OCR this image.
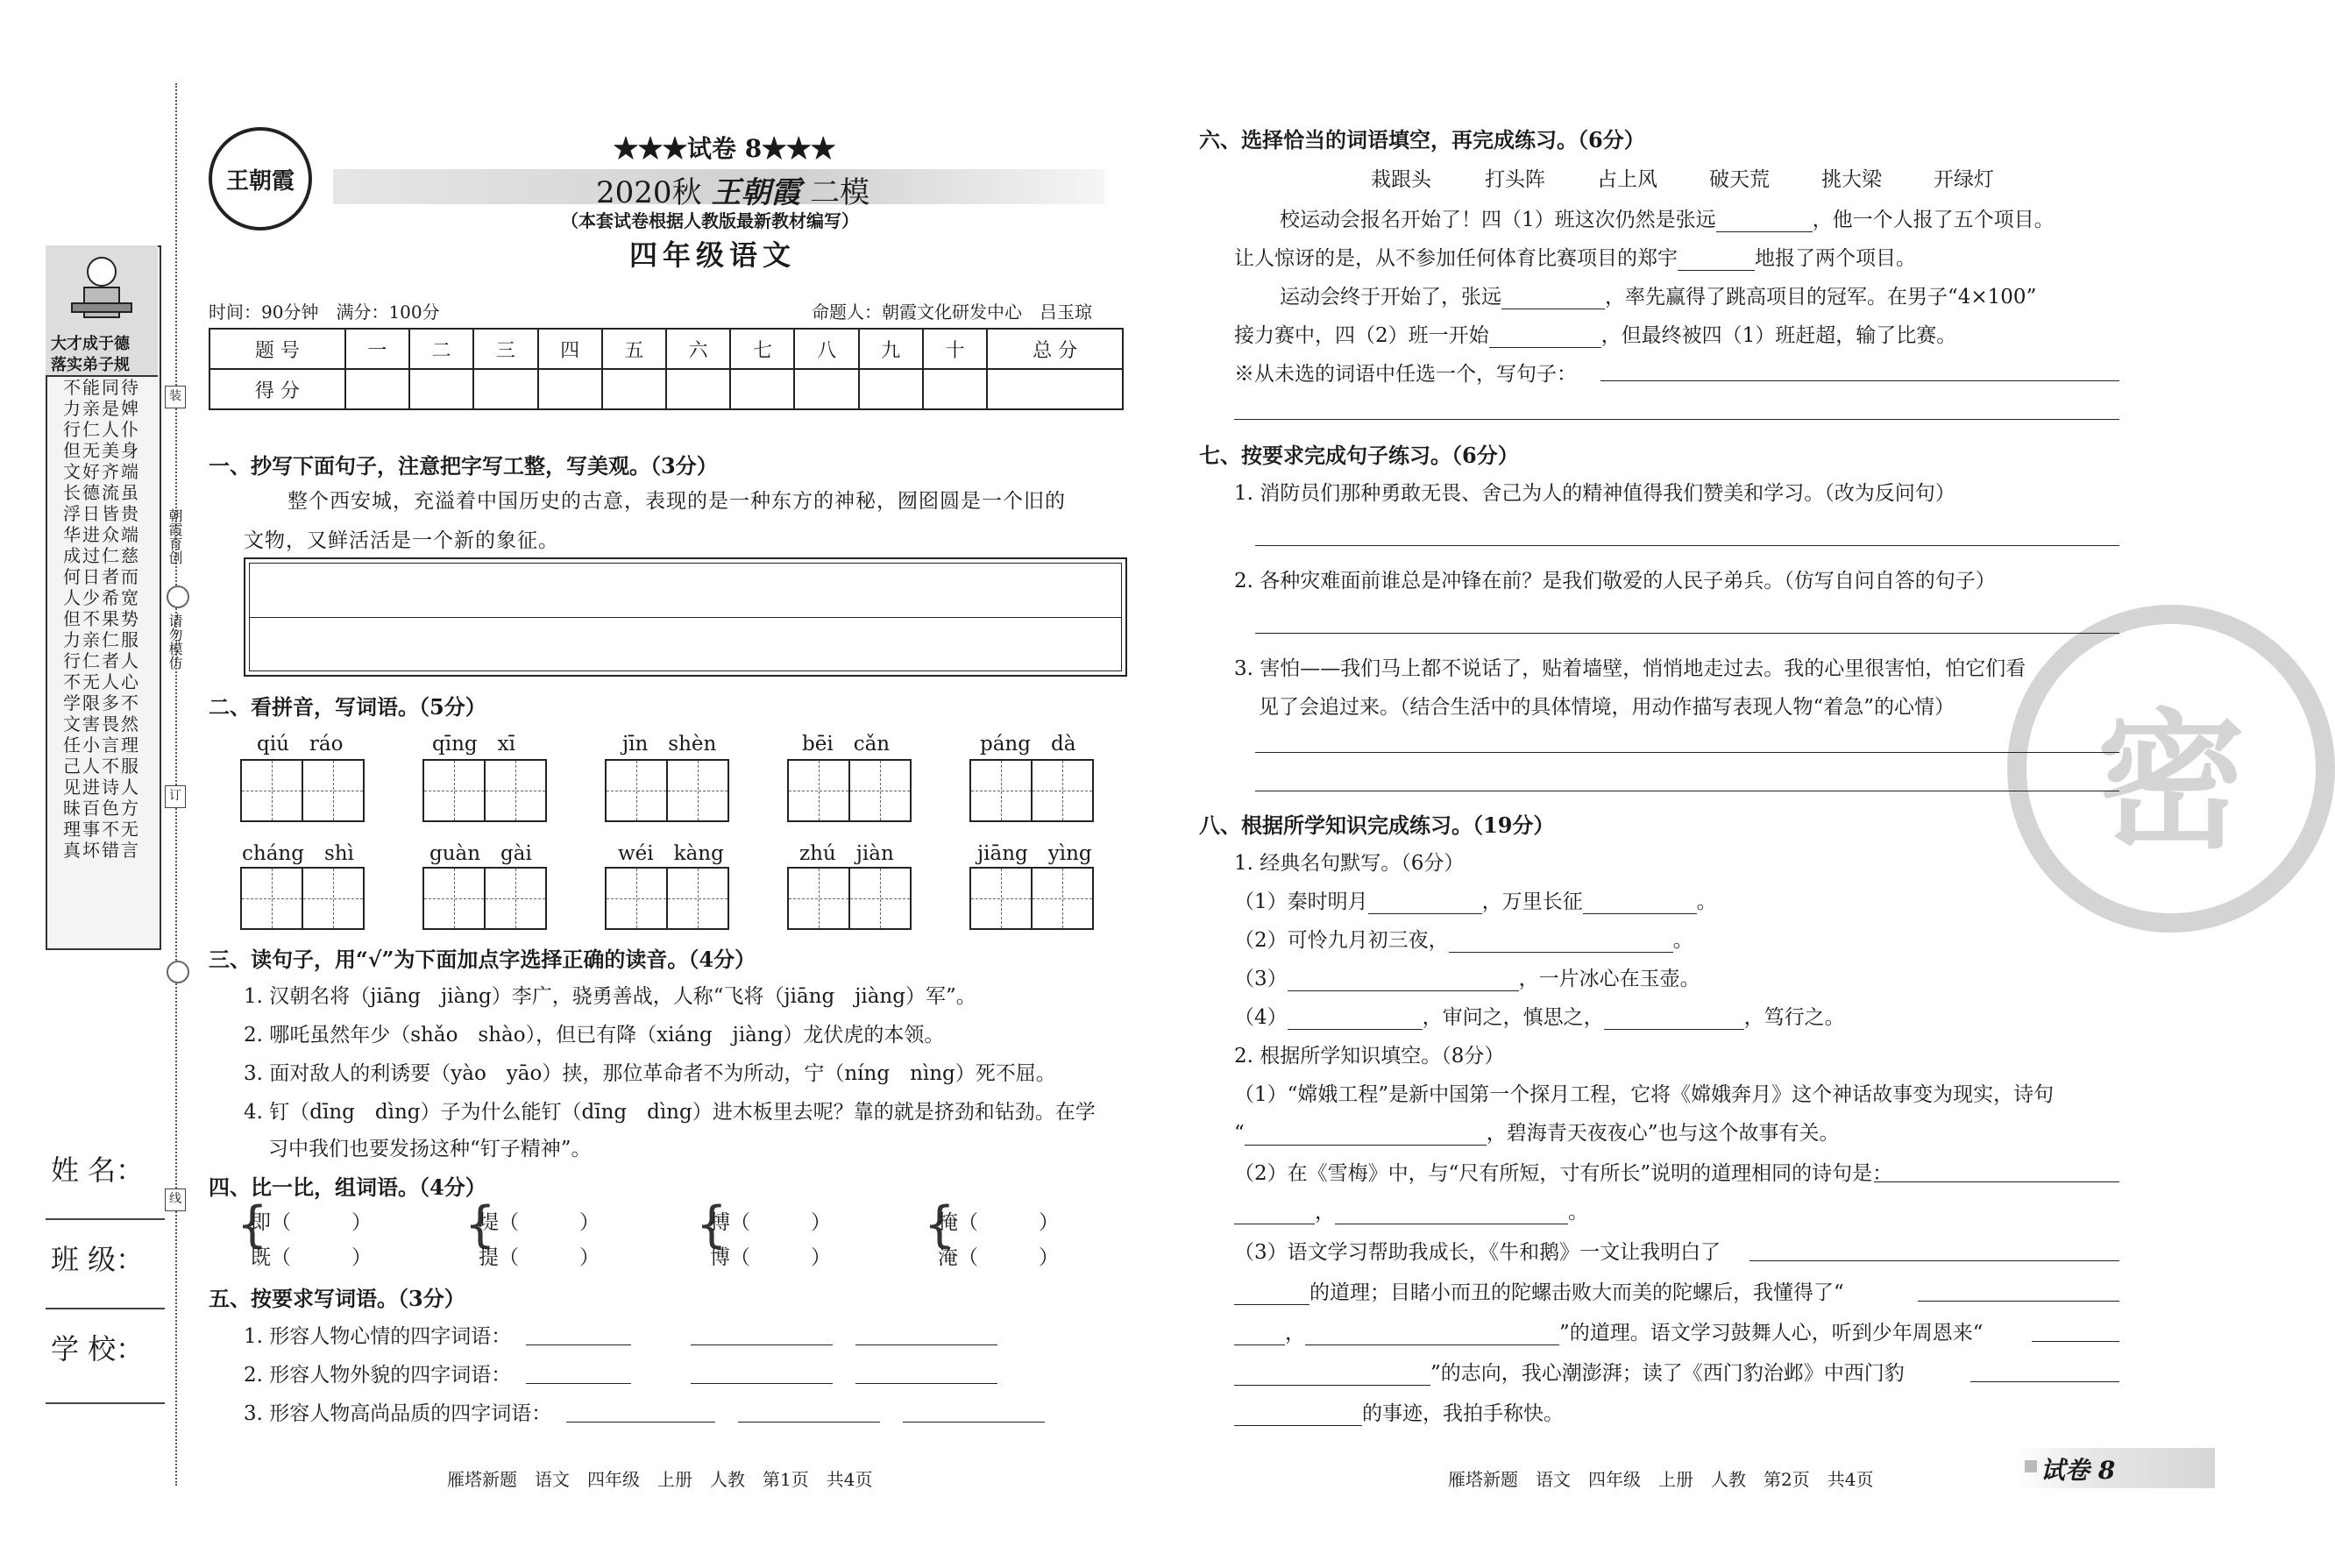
大才成于德
落实弟子规
不能同待
力亲是婢
行仁人仆
但无美身
文好齐端
长德流虽
浮日皆贵
华进众端
成过仁慈
何日者而
人少希宽
但不果势
力亲仁服
行仁者人
不无人心
学限多不
文害畏然
任小言理
己人不服
见进诗人
昧百色方
理事不无
真坏错言
装
朝霞育创
请勿模仿
订
线
姓 名：
班 级：
学 校：
王朝霞
★★★试卷 8★★★
2020秋 王朝霞 二模
（本套试卷根据人教版最新教材编写）
四年级语文
时间：90分钟　满分：100分	命题人：朝霞文化研发中心　吕玉琼
题 号	一	二	三	四	五	六	七	八	九	十	总 分
得 分											
一、抄写下面句子，注意把字写工整，写美观。（3分）
整个西安城，充溢着中国历史的古意，表现的是一种东方的神秘，囫囵圆是一个旧的
文物，又鲜活活是一个新的象征。
二、看拼音，写词语。（5分）
qiú　ráo	qīng　xī	jīn　shèn	bēi　cǎn	páng　dà
cháng　shì	guàn　gài	wéi　kàng	zhú　jiàn	jiāng　yìng
三、读句子，用“√”为下面加点字选择正确的读音。（4分）
1. 汉朝名将（jiāng　jiàng）李广，骁勇善战，人称“飞将（jiāng　jiàng）军”。
2. 哪吒虽然年少（shǎo　shào），但已有降（xiáng　jiàng）龙伏虎的本领。
3. 面对敌人的利诱要（yào　yāo）挟，那位革命者不为所动，宁（níng　nìng）死不屈。
4. 钉（dīng　dìng）子为什么能钉（dīng　dìng）进木板里去呢？靠的就是挤劲和钻劲。在学
习中我们也要发扬这种“钉子精神”。
四、比一比，组词语。（4分）
{
即（　　　）
既（　　　）
{
堤（　　　）
提（　　　）
{
搏（　　　）
博（　　　）
{
掩（　　　）
淹（　　　）
五、按要求写词语。（3分）
1. 形容人物心情的四字词语：
2. 形容人物外貌的四字词语：
3. 形容人物高尚品质的四字词语：
雁塔新题　语文　四年级　上册　人教　第1页　共4页
密
六、选择恰当的词语填空，再完成练习。（6分）
栽跟头	打头阵	占上风	破天荒	挑大梁	开绿灯
校运动会报名开始了！四（1）班这次仍然是张远	，他一个人报了五个项目。
让人惊讶的是，从不参加任何体育比赛项目的郑宇	地报了两个项目。
运动会终于开始了，张远	，率先赢得了跳高项目的冠军。在男子“4×100”
接力赛中，四（2）班一开始	，但最终被四（1）班赶超，输了比赛。
※从未选的词语中任选一个，写句子：
七、按要求完成句子练习。（6分）
1. 消防员们那种勇敢无畏、舍己为人的精神值得我们赞美和学习。（改为反问句）
2. 各种灾难面前谁总是冲锋在前？是我们敬爱的人民子弟兵。（仿写自问自答的句子）
3. 害怕——我们马上都不说话了，贴着墙壁，悄悄地走过去。我的心里很害怕，怕它们看
见了会追过来。（结合生活中的具体情境，用动作描写表现人物“着急”的心情）
八、根据所学知识完成练习。（19分）
1. 经典名句默写。（6分）
（1）秦时明月	，万里长征	。
（2）可怜九月初三夜，	。
（3）	，一片冰心在玉壶。
（4）	，审问之，慎思之，	，笃行之。
2. 根据所学知识填空。（8分）
（1）“嫦娥工程”是新中国第一个探月工程，它将《嫦娥奔月》这个神话故事变为现实，诗句
“	，碧海青天夜夜心”也与这个故事有关。
（2）在《雪梅》中，与“尺有所短，寸有所长”说明的道理相同的诗句是：
，	。
（3）语文学习帮助我成长，《牛和鹅》一文让我明白了
的道理；目睹小而丑的陀螺击败大而美的陀螺后，我懂得了“
，	”的道理。语文学习鼓舞人心，听到少年周恩来“
”的志向，我心潮澎湃；读了《西门豹治邺》中西门豹
的事迹，我拍手称快。
雁塔新题　语文　四年级　上册　人教　第2页　共4页	试卷 8
